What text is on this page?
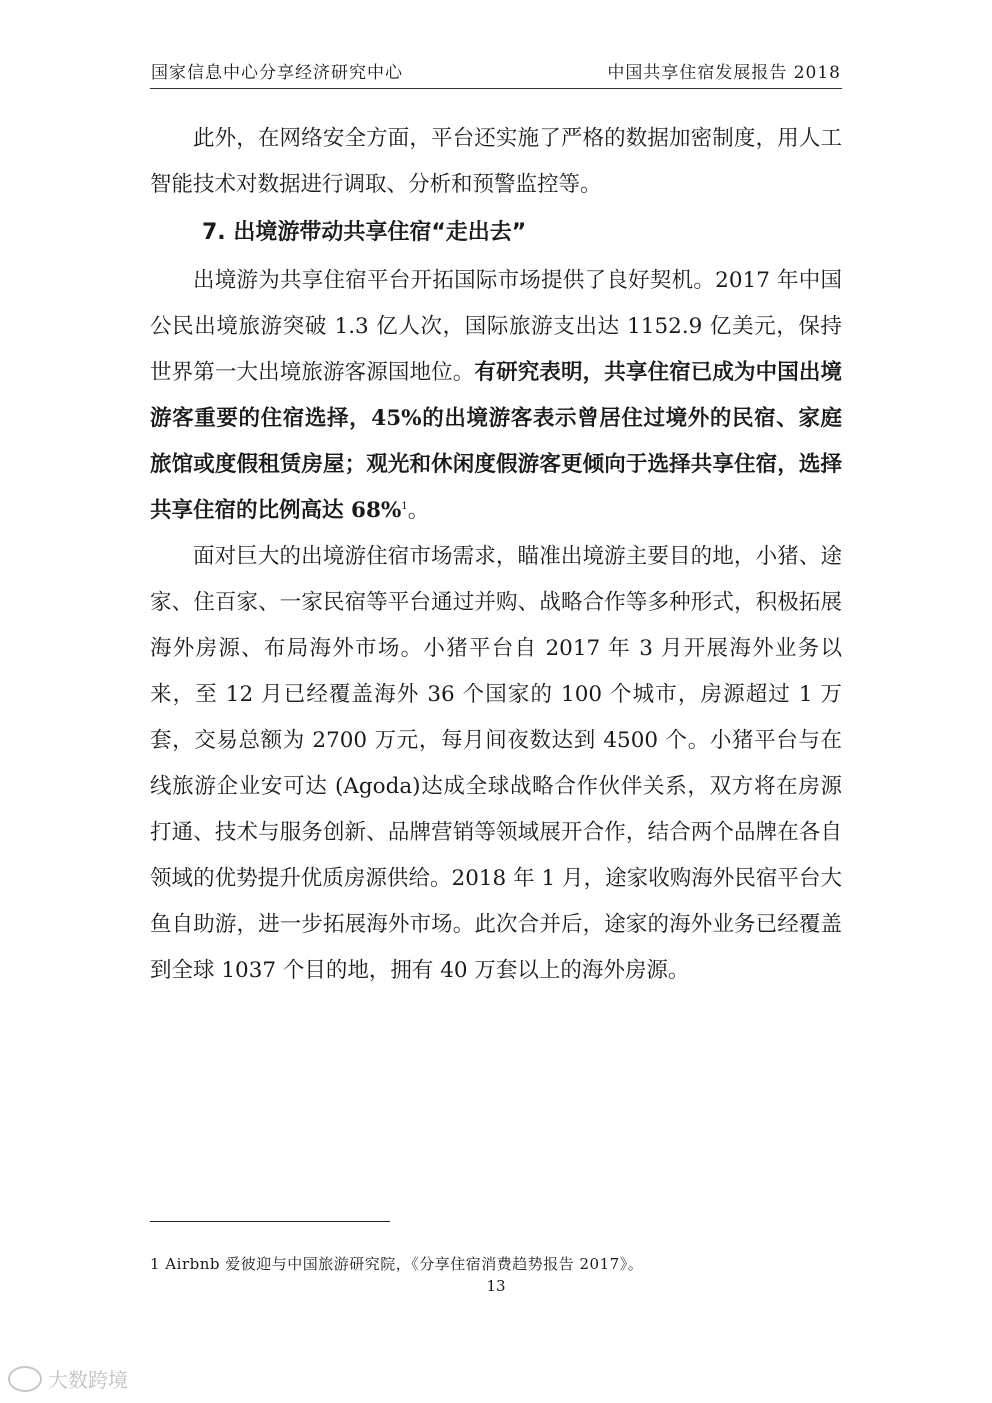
国家信息中心分享经济研究中心	中国共享住宿发展报告 2018

此外，在网络安全方面，平台还实施了严格的数据加密制度，用人工智能技术对数据进行调取、分析和预警监控等。

7. 出境游带动共享住宿“走出去”

出境游为共享住宿平台开拓国际市场提供了良好契机。2017 年中国公民出境旅游突破 1.3 亿人次，国际旅游支出达 1152.9 亿美元，保持世界第一大出境旅游客源国地位。有研究表明，共享住宿已成为中国出境游客重要的住宿选择，45%的出境游客表示曾居住过境外的民宿、家庭旅馆或度假租赁房屋；观光和休闲度假游客更倾向于选择共享住宿，选择共享住宿的比例高达 68%$^1$。

面对巨大的出境游住宿市场需求，瞄准出境游主要目的地，小猪、途家、住百家、一家民宿等平台通过并购、战略合作等多种形式，积极拓展海外房源、布局海外市场。小猪平台自 2017 年 3 月开展海外业务以来，至 12 月已经覆盖海外 36 个国家的 100 个城市，房源超过 1 万套，交易总额为 2700 万元，每月间夜数达到 4500 个。小猪平台与在线旅游企业安可达 (Agoda)达成全球战略合作伙伴关系，双方将在房源打通、技术与服务创新、品牌营销等领域展开合作，结合两个品牌在各自领域的优势提升优质房源供给。2018 年 1 月，途家收购海外民宿平台大鱼自助游，进一步拓展海外市场。此次合并后，途家的海外业务已经覆盖到全球 1037 个目的地，拥有 40 万套以上的海外房源。

1 Airbnb 爱彼迎与中国旅游研究院，《分享住宿消费趋势报告 2017》。
13
大数跨境
